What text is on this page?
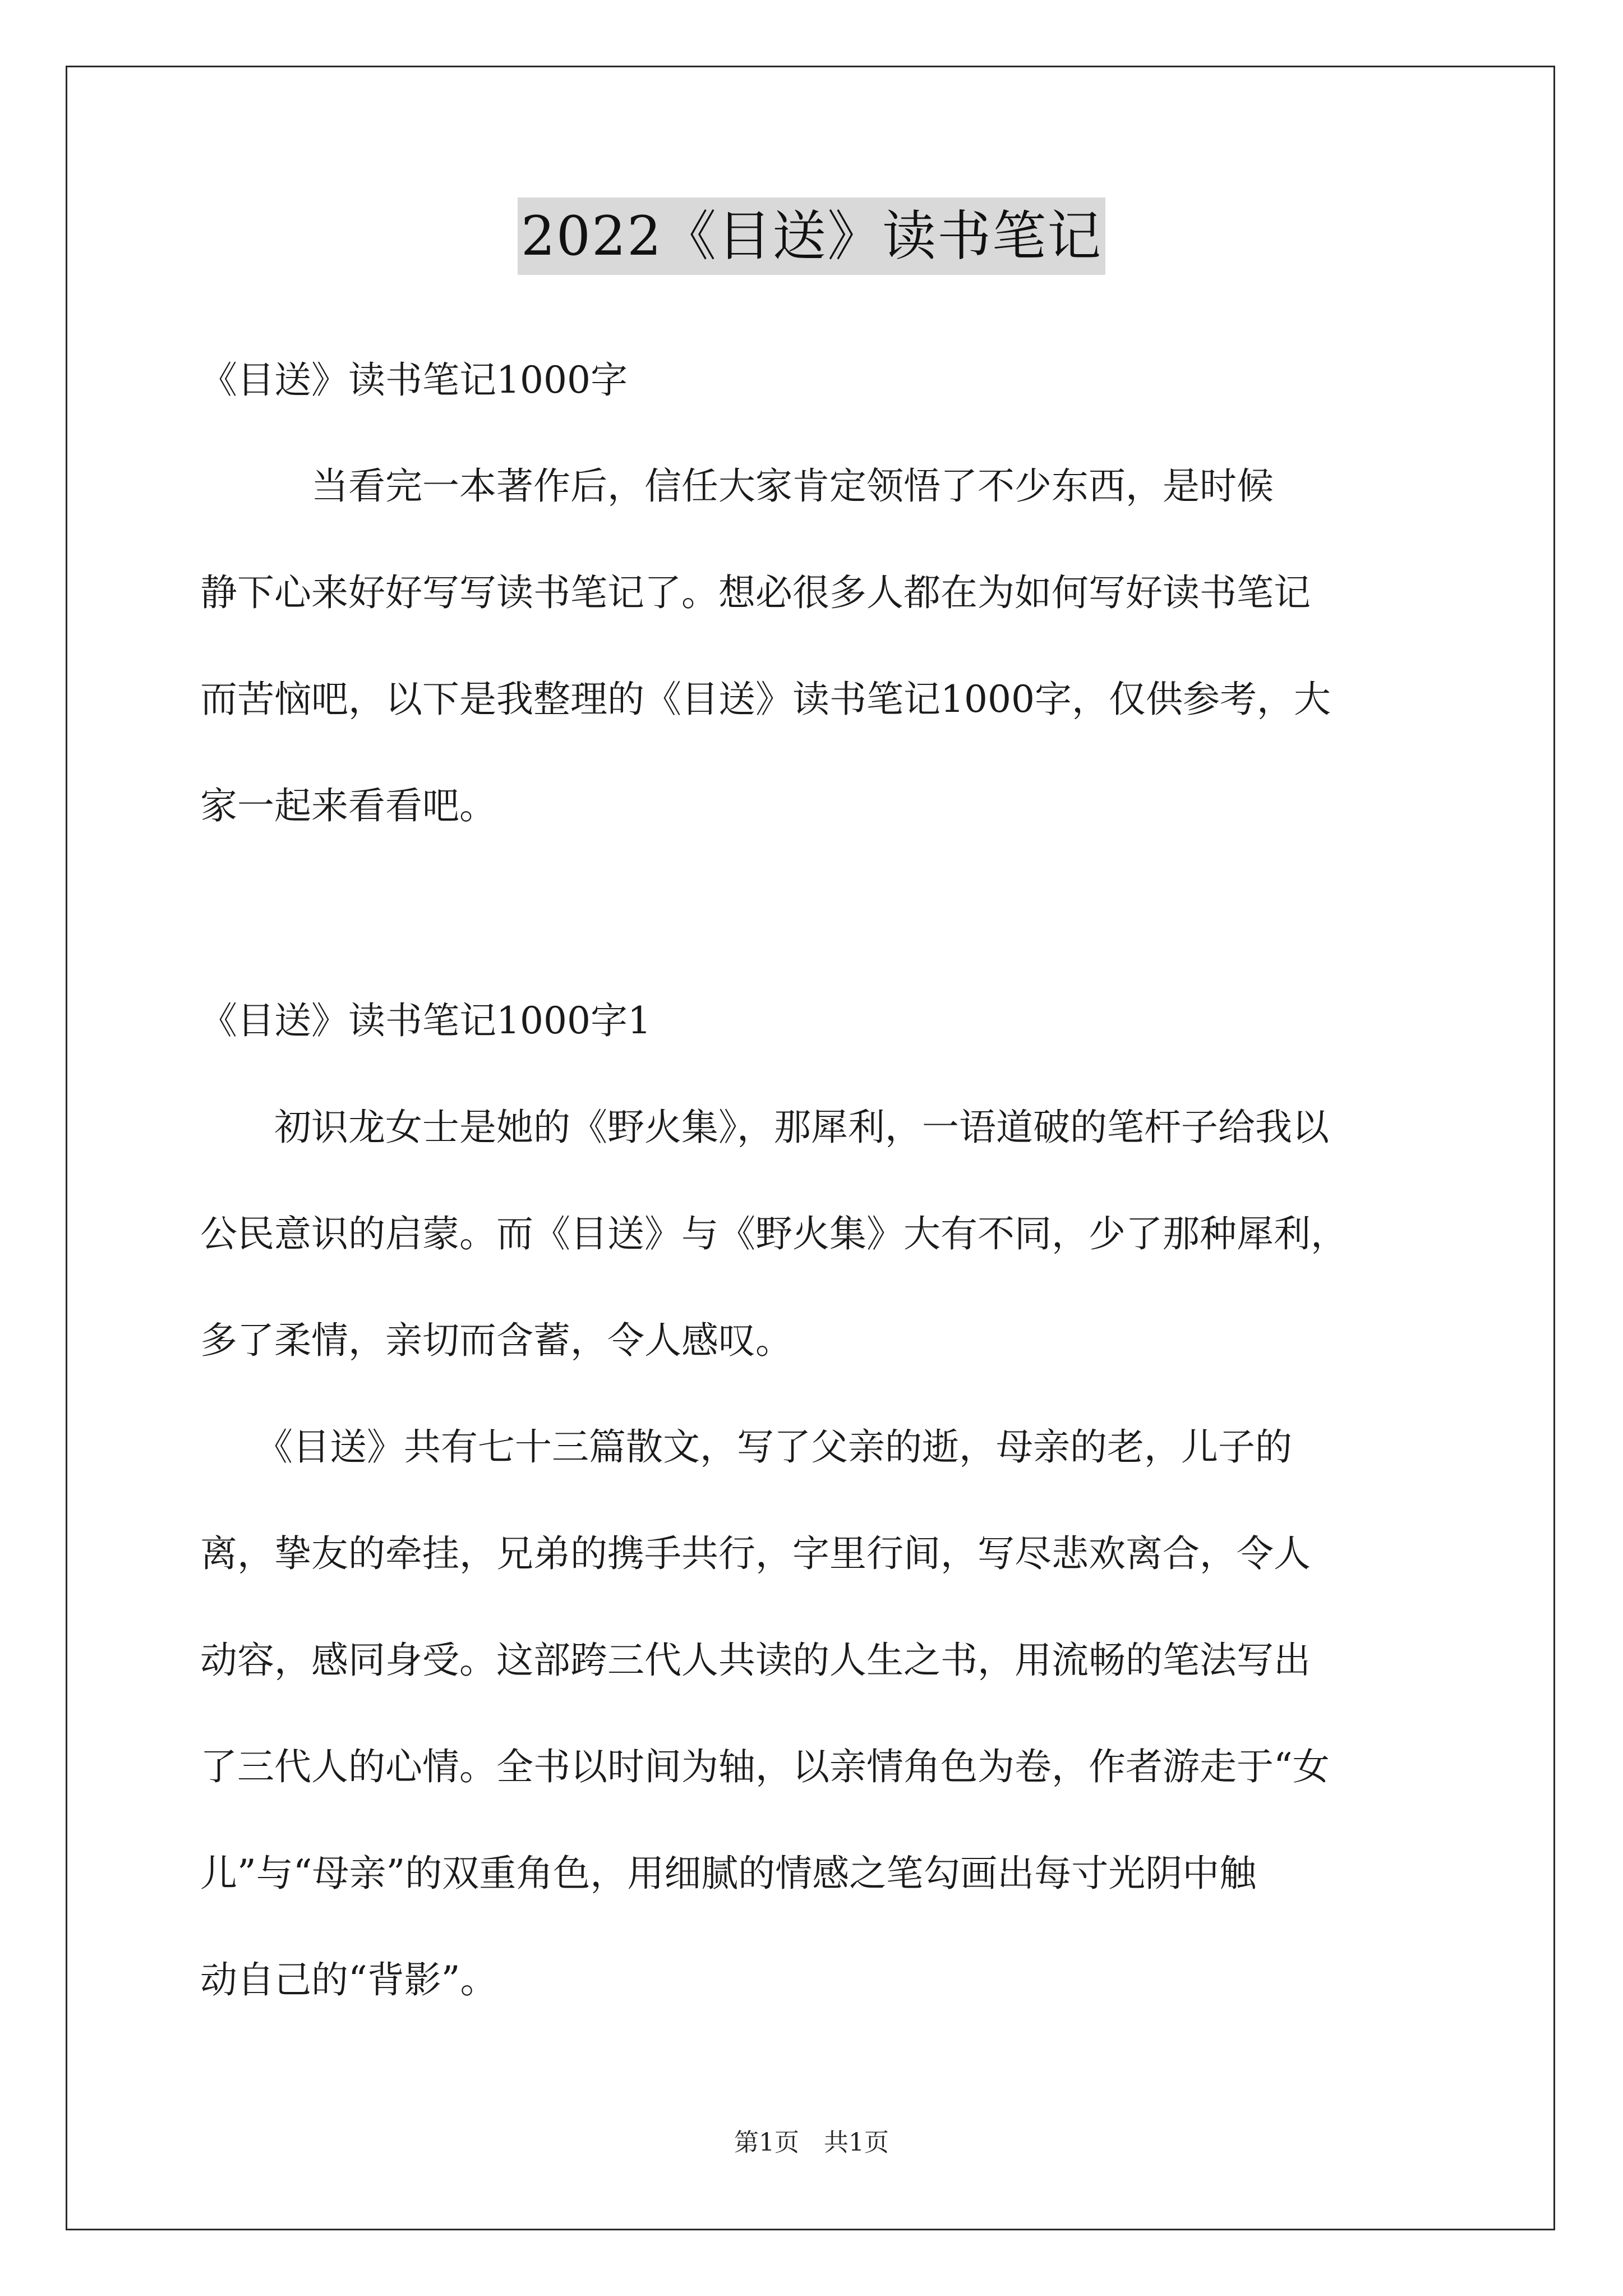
2022《目送》读书笔记
《目送》读书笔记1000字
　　　当看完一本著作后，信任大家肯定领悟了不少东西，是时候
静下心来好好写写读书笔记了。想必很多人都在为如何写好读书笔记
而苦恼吧，以下是我整理的《目送》读书笔记1000字，仅供参考，大
家一起来看看吧。
《目送》读书笔记1000字1
　　初识龙女士是她的《野火集》，那犀利，一语道破的笔杆子给我以
公民意识的启蒙。而《目送》与《野火集》大有不同，少了那种犀利，
多了柔情，亲切而含蓄，令人感叹。
　　《目送》共有七十三篇散文，写了父亲的逝，母亲的老，儿子的
离，挚友的牵挂，兄弟的携手共行，字里行间，写尽悲欢离合，令人
动容，感同身受。这部跨三代人共读的人生之书，用流畅的笔法写出
了三代人的心情。全书以时间为轴，以亲情角色为卷，作者游走于“女
儿”与“母亲”的双重角色，用细腻的情感之笔勾画出每寸光阴中触
动自己的“背影”。
第1页　共1页
